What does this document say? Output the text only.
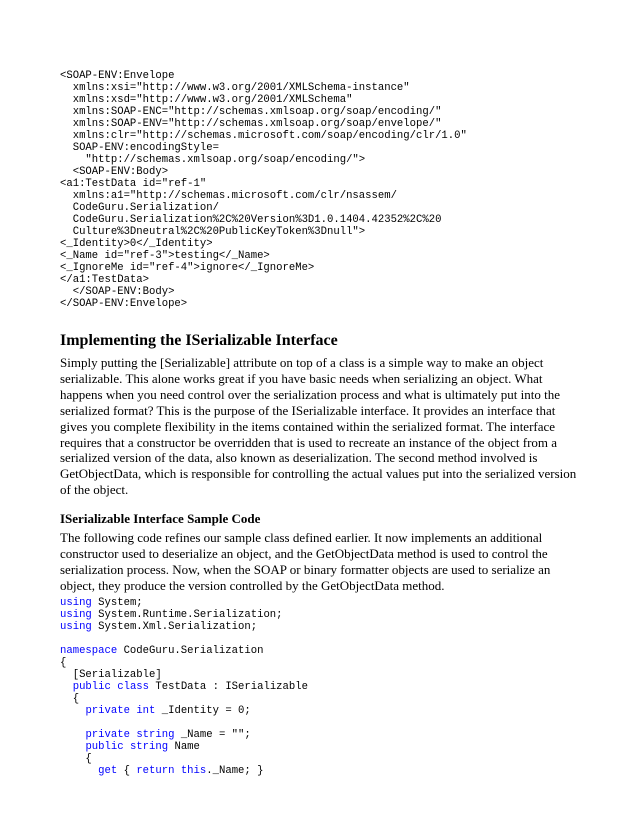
<SOAP-ENV:Envelope
xmlns:xsi="http://www.w3.org/2001/XMLSchema-instance"
xmlns:xsd="http://www.w3.org/2001/XMLSchema"
xmlns:SOAP-ENC="http://schemas.xmlsoap.org/soap/encoding/"
xmlns:SOAP-ENV="http://schemas.xmlsoap.org/soap/envelope/"
xmlns:clr="http://schemas.microsoft.com/soap/encoding/clr/1.0"
SOAP-ENV:encodingStyle=
"http://schemas.xmlsoap.org/soap/encoding/">
<SOAP-ENV:Body>
<a1:TestData id="ref-1"
xmlns:a1="http://schemas.microsoft.com/clr/nsassem/
CodeGuru.Serialization/
CodeGuru.Serialization%2C%20Version%3D1.0.1404.42352%2C%20
Culture%3Dneutral%2C%20PublicKeyToken%3Dnull">
<_Identity>0</_Identity>
<_Name id="ref-3">testing</_Name>
<_IgnoreMe id="ref-4">ignore</_IgnoreMe>
</a1:TestData>
</SOAP-ENV:Body>
</SOAP-ENV:Envelope>
Implementing the ISerializable Interface

Simply putting the [Serializable] attribute on top of a class is a simple way to make an object serializable. This alone works great if you have basic needs when serializing an object. What happens when you need control over the serialization process and what is ultimately put into the serialized format? This is the purpose of the ISerializable interface. It provides an interface that gives you complete flexibility in the items contained within the serialized format. The interface requires that a constructor be overridden that is used to recreate an instance of the object from a serialized version of the data, also known as deserialization. The second method involved is GetObjectData, which is responsible for controlling the actual values put into the serialized version of the object.

ISerializable Interface Sample Code

The following code refines our sample class defined earlier. It now implements an additional constructor used to deserialize an object, and the GetObjectData method is used to control the serialization process. Now, when the SOAP or binary formatter objects are used to serialize an object, they produce the version controlled by the GetObjectData method.

using System;
using System.Runtime.Serialization;
using System.Xml.Serialization;
namespace CodeGuru.Serialization
{
[Serializable]
public class TestData : ISerializable
{
private int _Identity = 0;
private string _Name = "";
public string Name
{
get { return this._Name; }
